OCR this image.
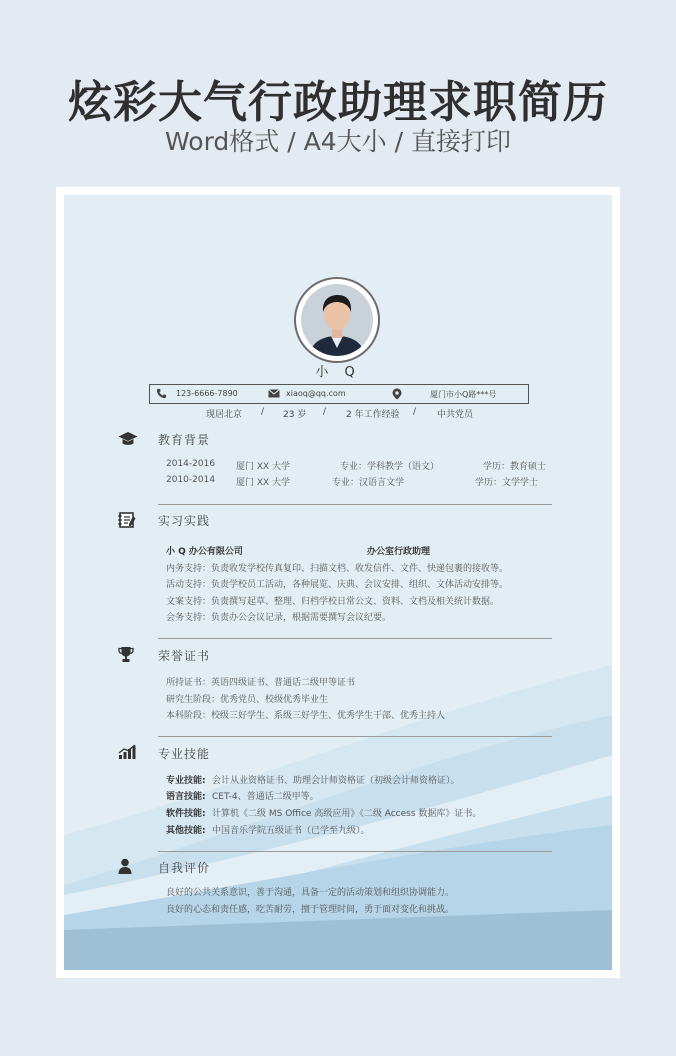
炫彩大气行政助理求职简历
Word格式 / A4大小 / 直接打印
小 Q
123-6666-7890	xiaoq@qq.com	厦门市小Q路***号
现居北京 / 23 岁 / 2 年工作经验 / 中共党员
教育背景
2014-2016 厦门 XX 大学	专业：学科教学（语文）	学历：教育硕士
2010-2014 厦门 XX 大学	专业：汉语言文学	学历：文学学士
实习实践
小 Q 办公有限公司	办公室行政助理
内务支持：负责收发学校传真复印、扫描文档、收发信件、文件、快递包裹的接收等。
活动支持：负责学校员工活动，各种展览、庆典、会议安排、组织、文体活动安排等。
文案支持：负责撰写起草、整理、归档学校日常公文、资料、文档及相关统计数据。
会务支持：负责办公会议记录，根据需要撰写会议纪要。
荣誉证书
所持证书：英语四级证书、普通话二级甲等证书
研究生阶段：优秀党员、校级优秀毕业生
本科阶段：校级三好学生、系级三好学生、优秀学生干部、优秀主持人
专业技能
专业技能: 会计从业资格证书、助理会计师资格证（初级会计师资格证）。
语言技能: CET-4、普通话二级甲等。
软件技能: 计算机《二级 MS Office 高级应用》《二级 Access 数据库》证书。
其他技能: 中国音乐学院五级证书（已学至九级）。
自我评价
良好的公共关系意识，善于沟通，具备一定的活动策划和组织协调能力。
良好的心态和责任感，吃苦耐劳，擅于管理时间，勇于面对变化和挑战。
